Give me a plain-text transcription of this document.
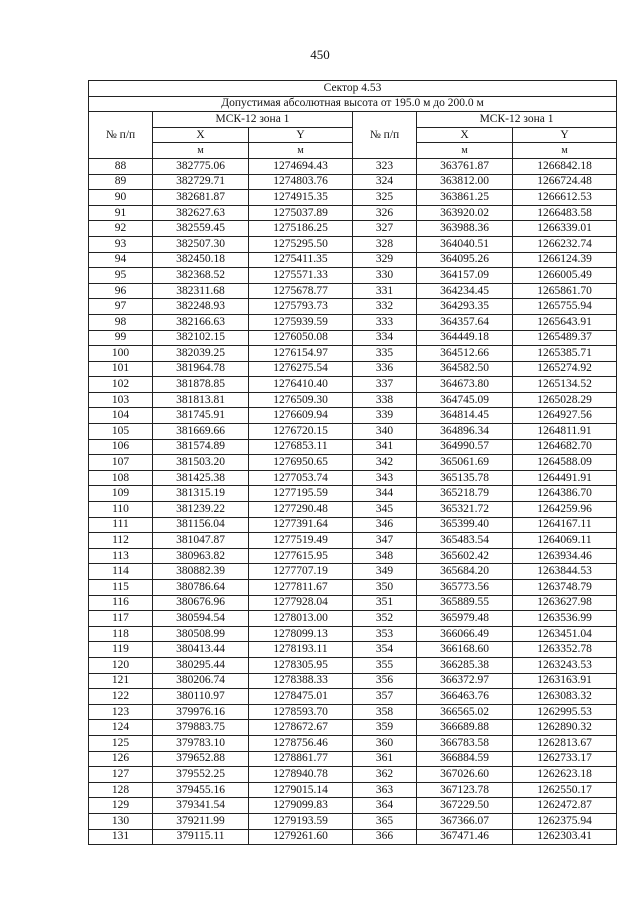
450
Сектор 4.53					
Допустимая абсолютная высота от 195.0 м до 200.0 м					
№ п/п	МСК-12 зона 1		№ п/п	МСК-12 зона 1	
	X	Y		X	Y
	м	м		м	м
88	382775.06	1274694.43	323	363761.87	1266842.18
89	382729.71	1274803.76	324	363812.00	1266724.48
90	382681.87	1274915.35	325	363861.25	1266612.53
91	382627.63	1275037.89	326	363920.02	1266483.58
92	382559.45	1275186.25	327	363988.36	1266339.01
93	382507.30	1275295.50	328	364040.51	1266232.74
94	382450.18	1275411.35	329	364095.26	1266124.39
95	382368.52	1275571.33	330	364157.09	1266005.49
96	382311.68	1275678.77	331	364234.45	1265861.70
97	382248.93	1275793.73	332	364293.35	1265755.94
98	382166.63	1275939.59	333	364357.64	1265643.91
99	382102.15	1276050.08	334	364449.18	1265489.37
100	382039.25	1276154.97	335	364512.66	1265385.71
101	381964.78	1276275.54	336	364582.50	1265274.92
102	381878.85	1276410.40	337	364673.80	1265134.52
103	381813.81	1276509.30	338	364745.09	1265028.29
104	381745.91	1276609.94	339	364814.45	1264927.56
105	381669.66	1276720.15	340	364896.34	1264811.91
106	381574.89	1276853.11	341	364990.57	1264682.70
107	381503.20	1276950.65	342	365061.69	1264588.09
108	381425.38	1277053.74	343	365135.78	1264491.91
109	381315.19	1277195.59	344	365218.79	1264386.70
110	381239.22	1277290.48	345	365321.72	1264259.96
111	381156.04	1277391.64	346	365399.40	1264167.11
112	381047.87	1277519.49	347	365483.54	1264069.11
113	380963.82	1277615.95	348	365602.42	1263934.46
114	380882.39	1277707.19	349	365684.20	1263844.53
115	380786.64	1277811.67	350	365773.56	1263748.79
116	380676.96	1277928.04	351	365889.55	1263627.98
117	380594.54	1278013.00	352	365979.48	1263536.99
118	380508.99	1278099.13	353	366066.49	1263451.04
119	380413.44	1278193.11	354	366168.60	1263352.78
120	380295.44	1278305.95	355	366285.38	1263243.53
121	380206.74	1278388.33	356	366372.97	1263163.91
122	380110.97	1278475.01	357	366463.76	1263083.32
123	379976.16	1278593.70	358	366565.02	1262995.53
124	379883.75	1278672.67	359	366689.88	1262890.32
125	379783.10	1278756.46	360	366783.58	1262813.67
126	379652.88	1278861.77	361	366884.59	1262733.17
127	379552.25	1278940.78	362	367026.60	1262623.18
128	379455.16	1279015.14	363	367123.78	1262550.17
129	379341.54	1279099.83	364	367229.50	1262472.87
130	379211.99	1279193.59	365	367366.07	1262375.94
131	379115.11	1279261.60	366	367471.46	1262303.41
